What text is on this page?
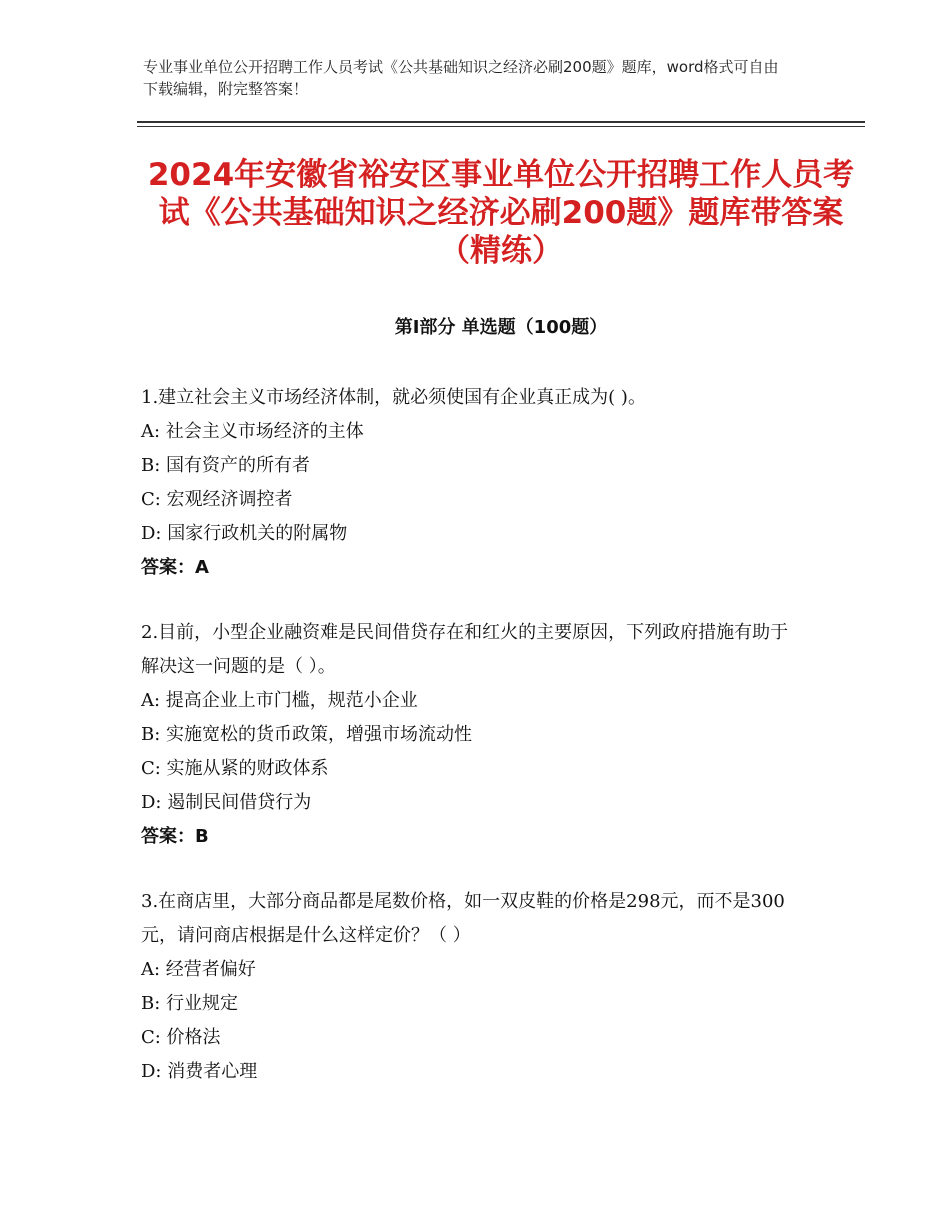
专业事业单位公开招聘工作人员考试《公共基础知识之经济必刷200题》题库，word格式可自由下载编辑，附完整答案！
2024年安徽省裕安区事业单位公开招聘工作人员考试《公共基础知识之经济必刷200题》题库带答案（精练）
第Ⅰ部分 单选题（100题）

1.建立社会主义市场经济体制，就必须使国有企业真正成为( )。

A: 社会主义市场经济的主体

B: 国有资产的所有者

C: 宏观经济调控者

D: 国家行政机关的附属物

答案：A

2.目前，小型企业融资难是民间借贷存在和红火的主要原因，下列政府措施有助于解决这一问题的是（ ）。

A: 提高企业上市门槛，规范小企业

B: 实施宽松的货币政策，增强市场流动性

C: 实施从紧的财政体系

D: 遏制民间借贷行为

答案：B

3.在商店里，大部分商品都是尾数价格，如一双皮鞋的价格是298元，而不是300元，请问商店根据是什么这样定价？（ ）

A: 经营者偏好

B: 行业规定

C: 价格法

D: 消费者心理
